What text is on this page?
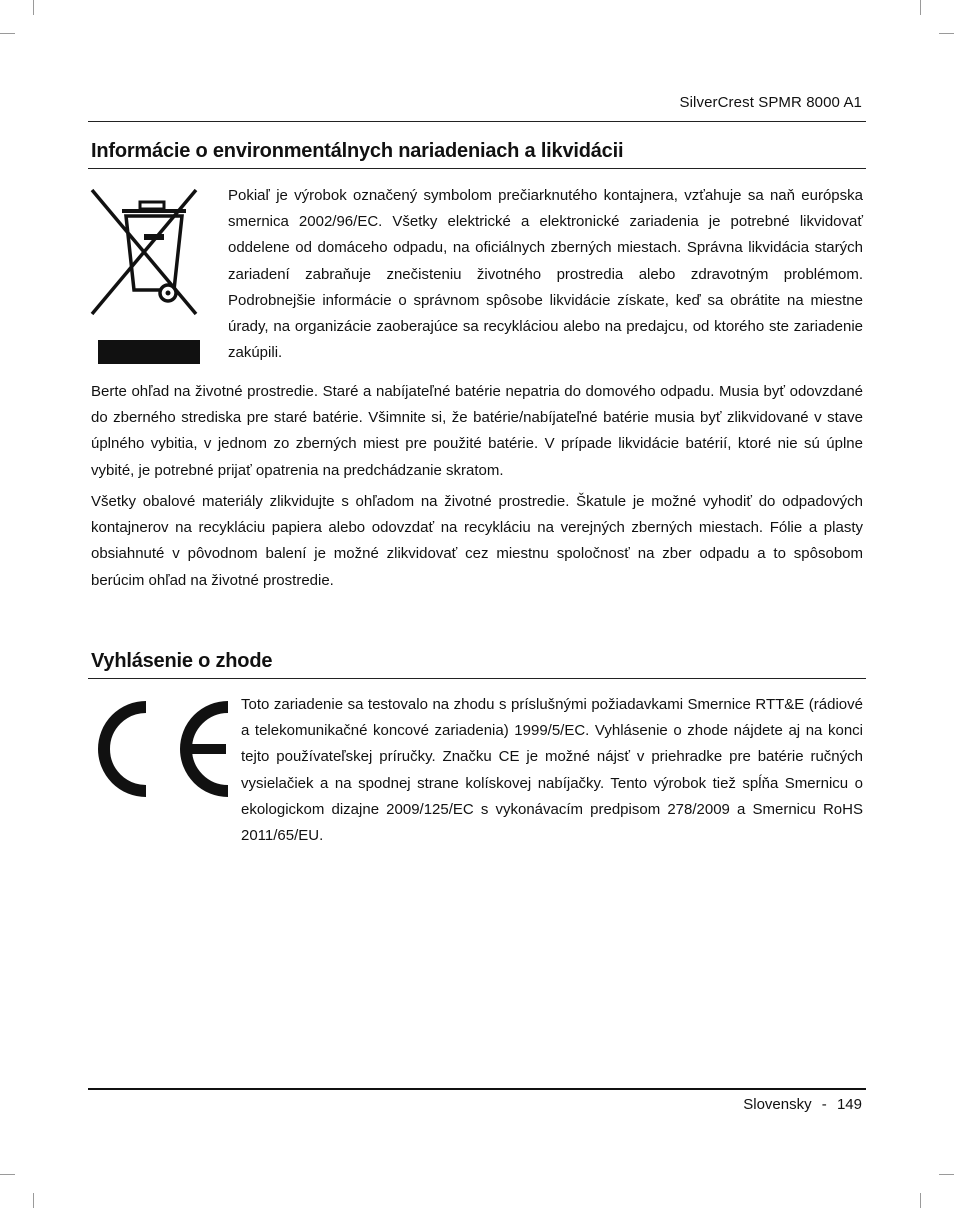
SilverCrest SPMR 8000 A1
Informácie o environmentálnych nariadeniach a likvidácii

Pokiaľ je výrobok označený symbolom prečiarknutého kontajnera, vzťahuje sa naň európska smernica 2002/96/EC. Všetky elektrické a elektronické zariadenia je potrebné likvidovať oddelene od domáceho odpadu, na oficiálnych zberných miestach. Správna likvidácia starých zariadení zabraňuje znečisteniu životného prostredia alebo zdravotným problémom. Podrobnejšie informácie o správnom spôsobe likvidácie získate, keď sa obrátite na miestne úrady, na organizácie zaoberajúce sa recykláciou alebo na predajcu, od ktorého ste zariadenie zakúpili.

Berte ohľad na životné prostredie. Staré a nabíjateľné batérie nepatria do domového odpadu. Musia byť odovzdané do zberného strediska pre staré batérie. Všimnite si, že batérie/nabíjateľné batérie musia byť zlikvidované v stave úplného vybitia, v jednom zo zberných miest pre použité batérie. V prípade likvidácie batérií, ktoré nie sú úplne vybité, je potrebné prijať opatrenia na predchádzanie skratom.

Všetky obalové materiály zlikvidujte s ohľadom na životné prostredie. Škatule je možné vyhodiť do odpadových kontajnerov na recykláciu papiera alebo odovzdať na recykláciu na verejných zberných miestach. Fólie a plasty obsiahnuté v pôvodnom balení je možné zlikvidovať cez miestnu spoločnosť na zber odpadu a to spôsobom berúcim ohľad na životné prostredie.

Vyhlásenie o zhode

Toto zariadenie sa testovalo na zhodu s príslušnými požiadavkami Smernice RTT&E (rádiové a telekomunikačné koncové zariadenia) 1999/5/EC. Vyhlásenie o zhode nájdete aj na konci tejto používateľskej príručky. Značku CE je možné nájsť v priehradke pre batérie ručných vysielačiek a na spodnej strane kolískovej nabíjačky. Tento výrobok tiež spĺňa Smernicu o ekologickom dizajne 2009/125/EC s vykonávacím predpisom 278/2009 a Smernicu RoHS 2011/65/EU.

Slovensky - 149
